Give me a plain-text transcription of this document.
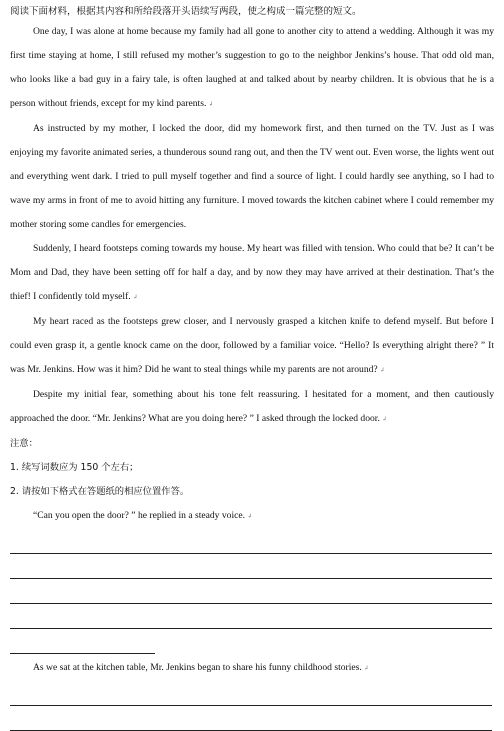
阅读下面材料，根据其内容和所给段落开头语续写两段，使之构成一篇完整的短文。

One day, I was alone at home because my family had all gone to another city to attend a wedding. Although it was my first time staying at home, I still refused my mother’s suggestion to go to the neighbor Jenkins’s house. That odd old man, who looks like a bad guy in a fairy tale, is often laughed at and talked about by nearby children. It is obvious that he is a person without friends, except for my kind parents. ↲

As instructed by my mother, I locked the door, did my homework first, and then turned on the TV. Just as I was enjoying my favorite animated series, a thunderous sound rang out, and then the TV went out. Even worse, the lights went out and everything went dark. I tried to pull myself together and find a source of light. I could hardly see anything, so I had to wave my arms in front of me to avoid hitting any furniture. I moved towards the kitchen cabinet where I could remember my mother storing some candles for emergencies.

Suddenly, I heard footsteps coming towards my house. My heart was filled with tension. Who could that be? It can’t be Mom and Dad, they have been setting off for half a day, and by now they may have arrived at their destination. That’s the thief! I confidently told myself. ↲

My heart raced as the footsteps grew closer, and I nervously grasped a kitchen knife to defend myself. But before I could even grasp it, a gentle knock came on the door, followed by a familiar voice. “Hello? Is everything alright there? ” It was Mr. Jenkins. How was it him? Did he want to steal things while my parents are not around? ↲

Despite my initial fear, something about his tone felt reassuring. I hesitated for a moment, and then cautiously approached the door. “Mr. Jenkins? What are you doing here? ” I asked through the locked door. ↲

注意：
1. 续写词数应为 150 个左右；
2. 请按如下格式在答题纸的相应位置作答。

“Can you open the door? ” he replied in a steady voice. ↲

As we sat at the kitchen table, Mr. Jenkins began to share his funny childhood stories. ↲
